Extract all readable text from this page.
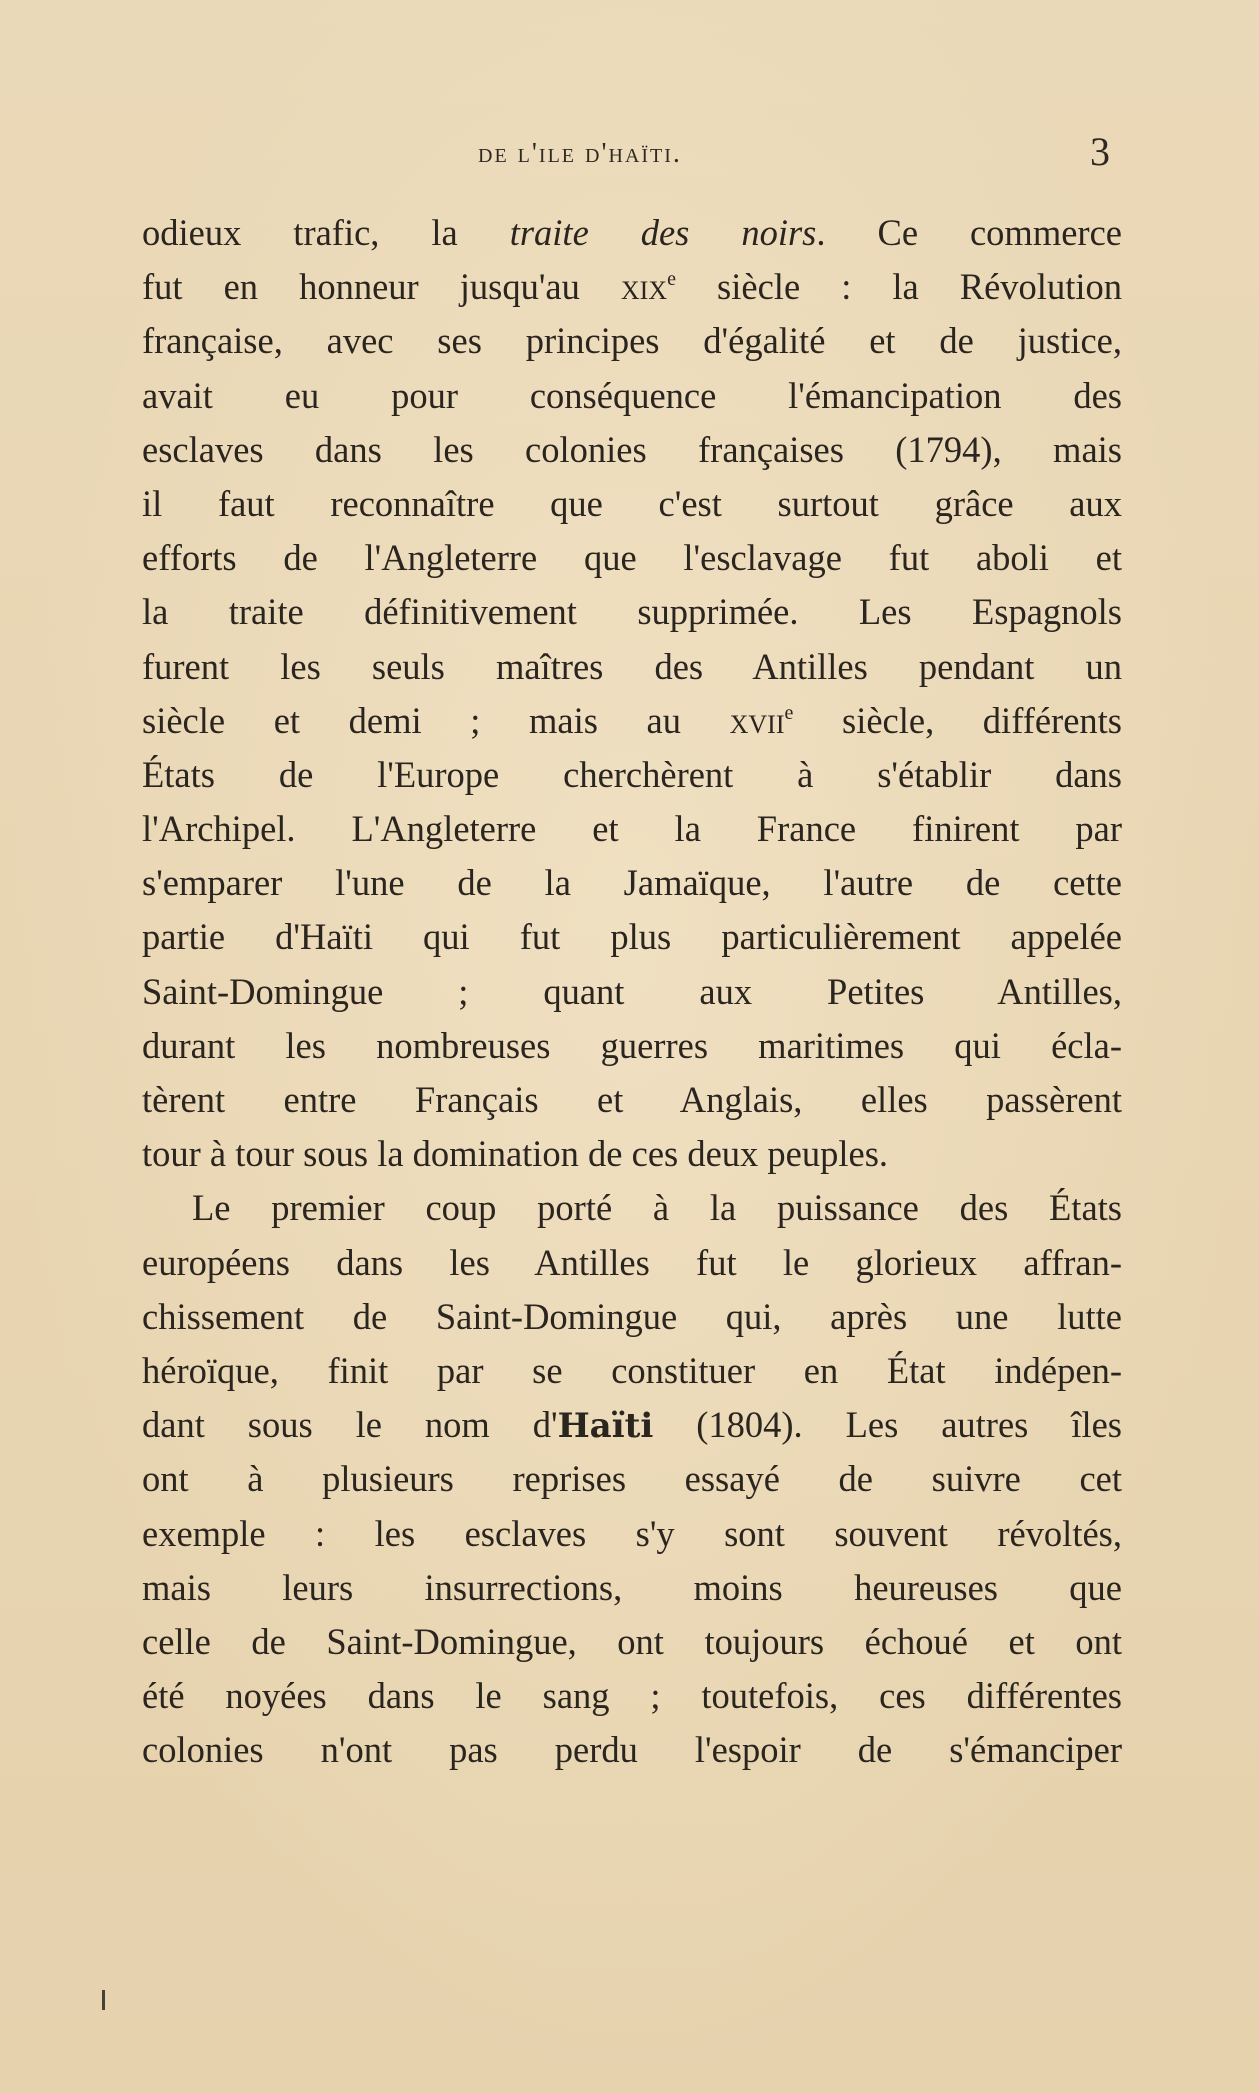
de l'ile d'haïti.	3
odieux trafic, la traite des noirs. Ce commerce
fut en honneur jusqu'au XIXe siècle : la Révolution
française, avec ses principes d'égalité et de justice,
avait eu pour conséquence l'émancipation des
esclaves dans les colonies françaises (1794), mais
il faut reconnaître que c'est surtout grâce aux
efforts de l'Angleterre que l'esclavage fut aboli et
la traite définitivement supprimée. Les Espagnols
furent les seuls maîtres des Antilles pendant un
siècle et demi ; mais au XVIIe siècle, différents
États de l'Europe cherchèrent à s'établir dans
l'Archipel. L'Angleterre et la France finirent par
s'emparer l'une de la Jamaïque, l'autre de cette
partie d'Haïti qui fut plus particulièrement appelée
Saint-Domingue ; quant aux Petites Antilles,
durant les nombreuses guerres maritimes qui écla-
tèrent entre Français et Anglais, elles passèrent
tour à tour sous la domination de ces deux peuples.
Le premier coup porté à la puissance des États
européens dans les Antilles fut le glorieux affran-
chissement de Saint-Domingue qui, après une lutte
héroïque, finit par se constituer en État indépen-
dant sous le nom d'Haïti (1804). Les autres îles
ont à plusieurs reprises essayé de suivre cet
exemple : les esclaves s'y sont souvent révoltés,
mais leurs insurrections, moins heureuses que
celle de Saint-Domingue, ont toujours échoué et ont
été noyées dans le sang ; toutefois, ces différentes
colonies n'ont pas perdu l'espoir de s'émanciper
